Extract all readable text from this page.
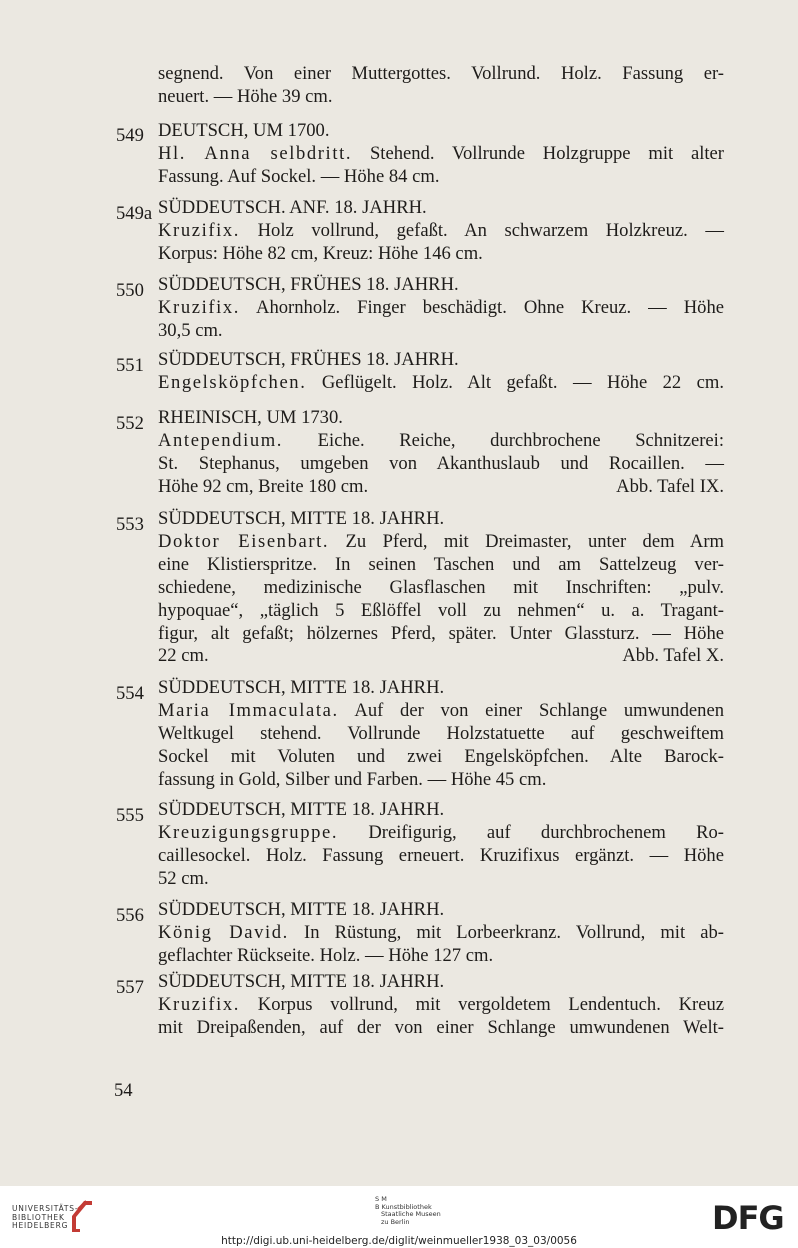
segnend. Von einer Muttergottes. Vollrund. Holz. Fassung er-
neuert. — Höhe 39 cm.
549 DEUTSCH, UM 1700.
Hl. Anna selbdritt. Stehend. Vollrunde Holzgruppe mit alter
Fassung. Auf Sockel. — Höhe 84 cm.
549a SÜDDEUTSCH. ANF. 18. JAHRH.
Kruzifix. Holz vollrund, gefaßt. An schwarzem Holzkreuz. —
Korpus: Höhe 82 cm, Kreuz: Höhe 146 cm.
550 SÜDDEUTSCH, FRÜHES 18. JAHRH.
Kruzifix. Ahornholz. Finger beschädigt. Ohne Kreuz. — Höhe
30,5 cm.
551 SÜDDEUTSCH, FRÜHES 18. JAHRH.
Engelsköpfchen. Geflügelt. Holz. Alt gefaßt. — Höhe 22 cm.
552 RHEINISCH, UM 1730.
Antependium. Eiche. Reiche, durchbrochene Schnitzerei:
St. Stephanus, umgeben von Akanthuslaub und Rocaillen. —
Höhe 92 cm, Breite 180 cm.	Abb. Tafel IX.
553 SÜDDEUTSCH, MITTE 18. JAHRH.
Doktor Eisenbart. Zu Pferd, mit Dreimaster, unter dem Arm
eine Klistierspritze. In seinen Taschen und am Sattelzeug ver-
schiedene, medizinische Glasflaschen mit Inschriften: „pulv.
hypoquae“, „täglich 5 Eßlöffel voll zu nehmen“ u. a. Tragant-
figur, alt gefaßt; hölzernes Pferd, später. Unter Glassturz. — Höhe
22 cm.	Abb. Tafel X.
554 SÜDDEUTSCH, MITTE 18. JAHRH.
Maria Immaculata. Auf der von einer Schlange umwundenen
Weltkugel stehend. Vollrunde Holzstatuette auf geschweiftem
Sockel mit Voluten und zwei Engelsköpfchen. Alte Barock-
fassung in Gold, Silber und Farben. — Höhe 45 cm.
555 SÜDDEUTSCH, MITTE 18. JAHRH.
Kreuzigungsgruppe. Dreifigurig, auf durchbrochenem Ro-
caillesockel. Holz. Fassung erneuert. Kruzifixus ergänzt. — Höhe
52 cm.
556 SÜDDEUTSCH, MITTE 18. JAHRH.
König David. In Rüstung, mit Lorbeerkranz. Vollrund, mit ab-
geflachter Rückseite. Holz. — Höhe 127 cm.
557 SÜDDEUTSCH, MITTE 18. JAHRH.
Kruzifix. Korpus vollrund, mit vergoldetem Lendentuch. Kreuz
mit Dreipaßenden, auf der von einer Schlange umwundenen Welt-
54
UNIVERSITÄTS-
BIBLIOTHEK
HEIDELBERG
S M
B Kunstbibliothek
Staatliche Museen
zu Berlin	DFG
http://digi.ub.uni-heidelberg.de/diglit/weinmueller1938_03_03/0056
